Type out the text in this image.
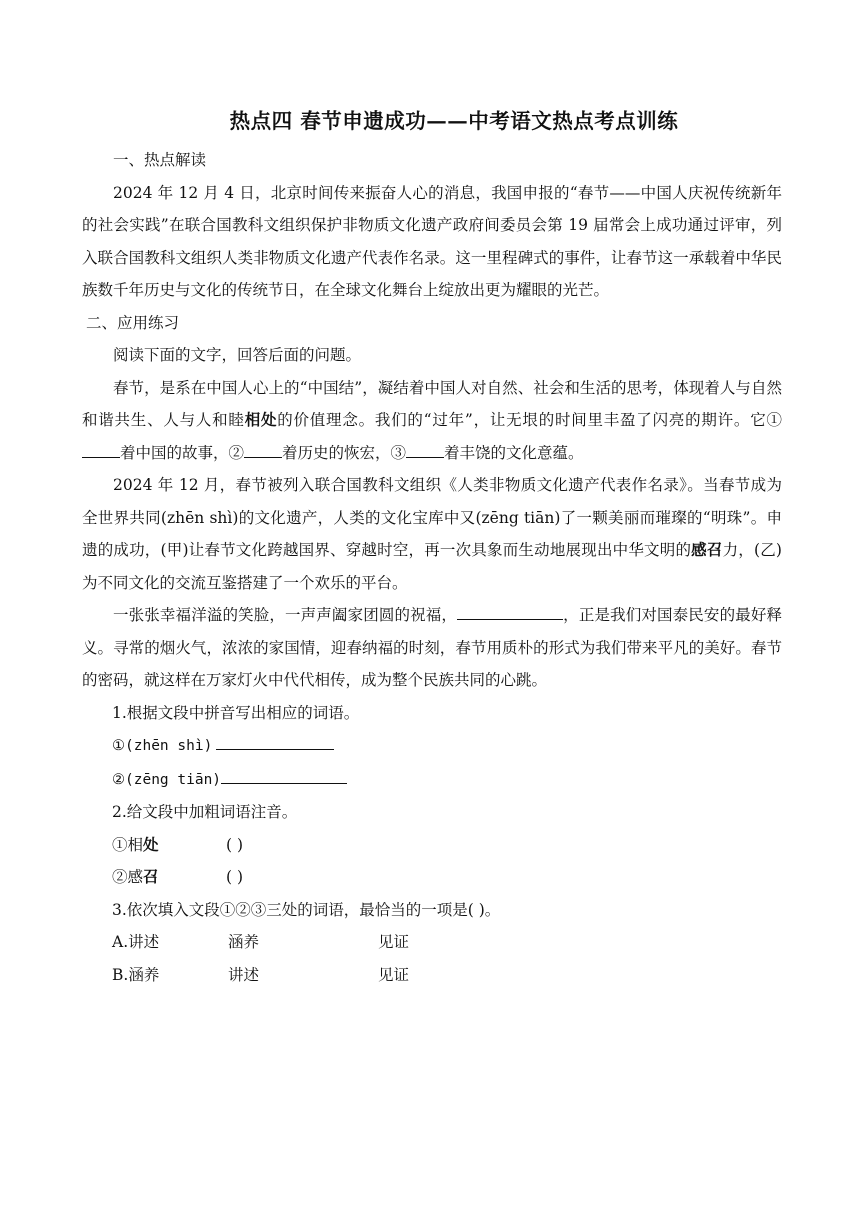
热点四 春节申遗成功——中考语文热点考点训练

一、热点解读

2024 年 12 月 4 日，北京时间传来振奋人心的消息，我国申报的“春节——中国人庆祝传统新年的社会实践”在联合国教科文组织保护非物质文化遗产政府间委员会第 19 届常会上成功通过评审，列入联合国教科文组织人类非物质文化遗产代表作名录。这一里程碑式的事件，让春节这一承载着中华民族数千年历史与文化的传统节日，在全球文化舞台上绽放出更为耀眼的光芒。

二、应用练习

阅读下面的文字，回答后面的问题。

春节，是系在中国人心上的“中国结”，凝结着中国人对自然、社会和生活的思考，体现着人与自然和谐共生、人与人和睦相处的价值理念。我们的“过年”，让无垠的时间里丰盈了闪亮的期许。它①着中国的故事，② 着历史的恢宏，③ 着丰饶的文化意蕴。

2024 年 12 月，春节被列入联合国教科文组织《人类非物质文化遗产代表作名录》。当春节成为全世界共同(zhēn shì)的文化遗产，人类的文化宝库中又(zēng tiān)了一颗美丽而璀璨的“明珠”。申遗的成功，(甲)让春节文化跨越国界、穿越时空，再一次具象而生动地展现出中华文明的感召力，(乙)为不同文化的交流互鉴搭建了一个欢乐的平台。

一张张幸福洋溢的笑脸，一声声阖家团圆的祝福，	，正是我们对国泰民安的最好释义。寻常的烟火气，浓浓的家国情，迎春纳福的时刻，春节用质朴的形式为我们带来平凡的美好。春节的密码，就这样在万家灯火中代代相传，成为整个民族共同的心跳。

1.根据文段中拼音写出相应的词语。

①(zhēn shì)

②(zēng tiān)

2.给文段中加粗词语注音。

①相处	( )
②感召	( )

3.依次填入文段①②③三处的词语，最恰当的一项是( )。

A.讲述	涵养	见证
B.涵养	讲述	见证
